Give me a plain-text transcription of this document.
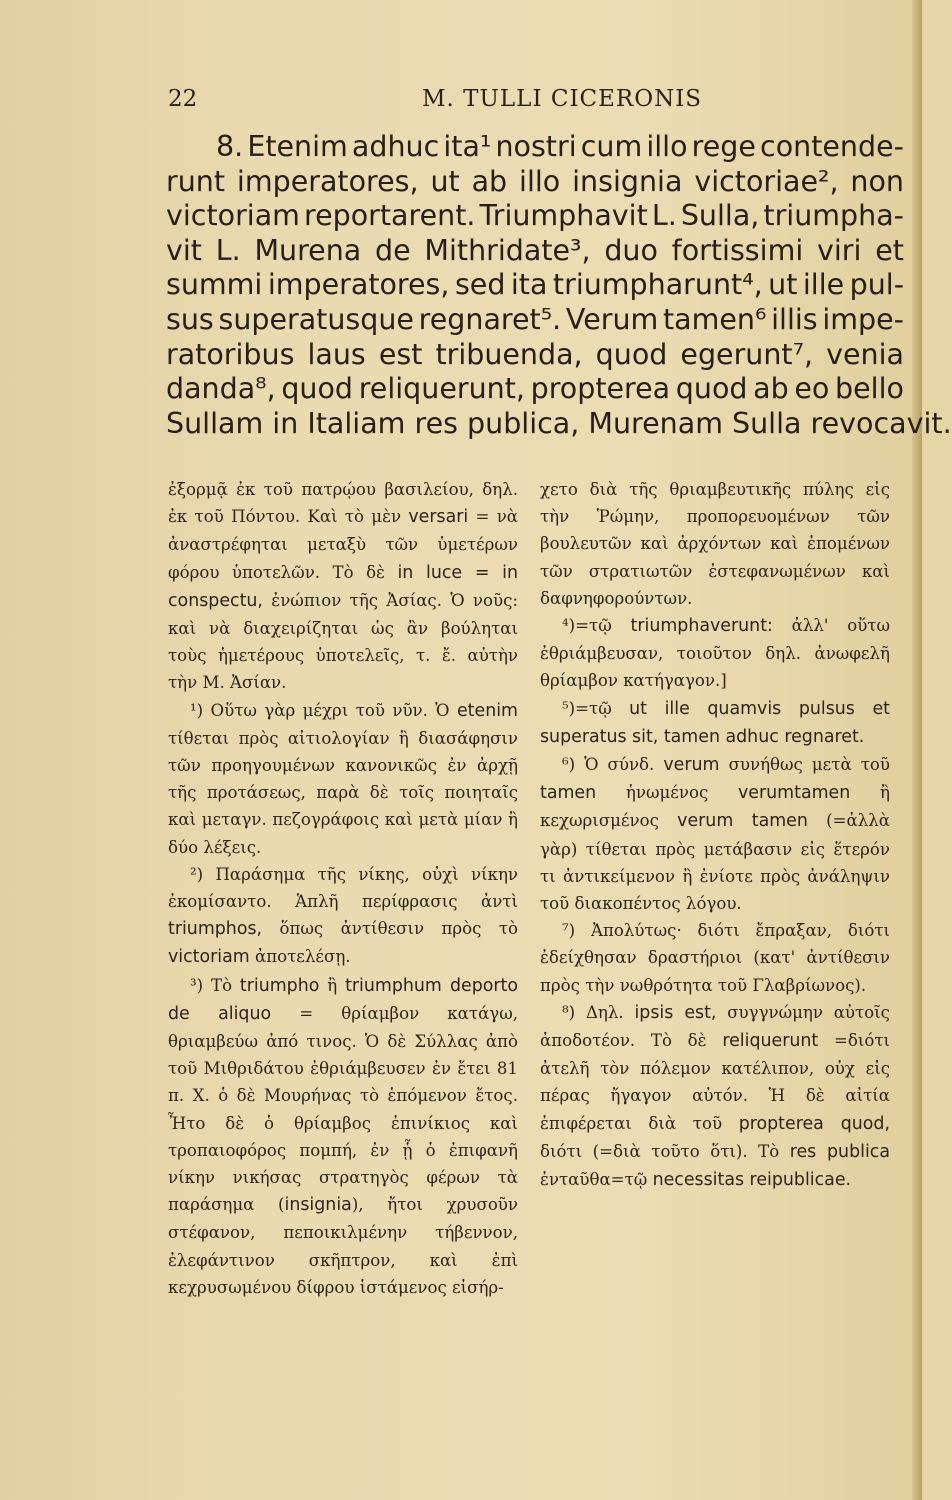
22	M. TULLI CICERONIS
8. Etenim adhuc ita¹ nostri cum illo rege contende-
runt imperatores, ut ab illo insignia victoriae², non
victoriam reportarent. Triumphavit L. Sulla, triumpha-
vit L. Murena de Mithridate³, duo fortissimi viri et
summi imperatores, sed ita triumpharunt⁴, ut ille pul-
sus superatusque regnaret⁵. Verum tamen⁶ illis impe-
ratoribus laus est tribuenda, quod egerunt⁷, venia
danda⁸, quod reliquerunt, propterea quod ab eo bello
Sullam in Italiam res publica, Murenam Sulla revocavit.

ἐξορμᾷ ἐκ τοῦ πατρῴου βασιλείου, δηλ. ἐκ τοῦ Πόντου. Καὶ τὸ μὲν versari = νὰ ἀναστρέφηται μεταξὺ τῶν ὑμετέρων φόρου ὑποτελῶν. Τὸ δὲ in luce = in conspectu, ἐνώπιον τῆς Ἀσίας. Ὁ νοῦς: καὶ νὰ διαχειρίζηται ὡς ἂν βούληται τοὺς ἡμετέρους ὑποτελεῖς, τ. ἔ. αὐτὴν τὴν Μ. Ἀσίαν.

¹) Οὕτω γὰρ μέχρι τοῦ νῦν. Ὁ etenim τίθεται πρὸς αἰτιολογίαν ἢ διασάφησιν τῶν προηγουμένων κανονικῶς ἐν ἀρχῇ τῆς προτάσεως, παρὰ δὲ τοῖς ποιηταῖς καὶ μεταγν. πεζογράφοις καὶ μετὰ μίαν ἢ δύο λέξεις.

²) Παράσημα τῆς νίκης, οὐχὶ νίκην ἐκομίσαντο. Ἁπλῆ περίφρασις ἀντὶ triumphos, ὅπως ἀντίθεσιν πρὸς τὸ victoriam ἀποτελέσῃ.

³) Τὸ triumpho ἢ triumphum deporto de aliquo = θρίαμβον κατάγω, θριαμβεύω ἀπό τινος. Ὁ δὲ Σύλλας ἀπὸ τοῦ Μιθριδάτου ἐθριάμβευσεν ἐν ἔτει 81 π. Χ. ὁ δὲ Μουρήνας τὸ ἑπόμενον ἔτος. Ἦτο δὲ ὁ θρίαμβος ἐπινίκιος καὶ τροπαιοφόρος πομπή, ἐν ᾗ ὁ ἐπιφανῆ νίκην νικήσας στρατηγὸς φέρων τὰ παράσημα (insignia), ἤτοι χρυσοῦν στέφανον, πεποικιλμένην τήβεννον, ἐλεφάντινον σκῆπτρον, καὶ ἐπὶ κεχρυσωμένου δίφρου ἱστάμενος εἰσήρ-

χετο διὰ τῆς θριαμβευτικῆς πύλης εἰς τὴν Ῥώμην, προπορευομένων τῶν βουλευτῶν καὶ ἀρχόντων καὶ ἑπομένων τῶν στρατιωτῶν ἐστεφανωμένων καὶ δαφνηφορούντων.

⁴)=τῷ triumphaverunt: ἀλλ' οὕτω ἐθριάμβευσαν, τοιοῦτον δηλ. ἀνωφελῆ θρίαμβον κατήγαγον.]

⁵)=τῷ ut ille quamvis pulsus et superatus sit, tamen adhuc regnaret.

⁶) Ὁ σύνδ. verum συνήθως μετὰ τοῦ tamen ἡνωμένος verumtamen ἢ κεχωρισμένος verum tamen (=ἀλλὰ γὰρ) τίθεται πρὸς μετάβασιν εἰς ἕτερόν τι ἀντικείμενον ἢ ἐνίοτε πρὸς ἀνάληψιν τοῦ διακοπέντος λόγου.

⁷) Ἀπολύτως· διότι ἔπραξαν, διότι ἐδείχθησαν δραστήριοι (κατ' ἀντίθεσιν πρὸς τὴν νωθρότητα τοῦ Γλαβρίωνος).

⁸) Δηλ. ipsis est, συγγνώμην αὐτοῖς ἀποδοτέον. Τὸ δὲ reliquerunt =διότι ἀτελῆ τὸν πόλεμον κατέλιπον, οὐχ εἰς πέρας ἤγαγον αὐτόν. Ἡ δὲ αἰτία ἐπιφέρεται διὰ τοῦ propterea quod, διότι (=διὰ τοῦτο ὅτι). Τὸ res publica ἐνταῦθα=τῷ necessitas reipublicae.
